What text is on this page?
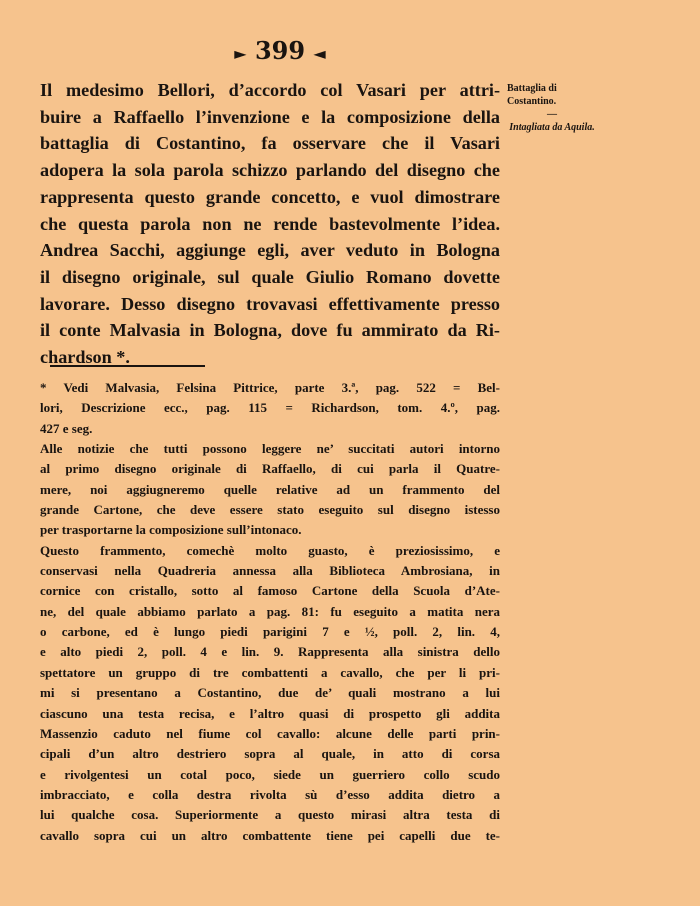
► 399 ◄
Il medesimo Bellori, d’accordo col Vasari per attri-
buire a Raffaello l’invenzione e la composizione della
battaglia di Costantino, fa osservare che il Vasari
adopera la sola parola schizzo parlando del disegno che
rappresenta questo grande concetto, e vuol dimostrare
che questa parola non ne rende bastevolmente l’idea.
Andrea Sacchi, aggiunge egli, aver veduto in Bologna
il disegno originale, sul quale Giulio Romano dovette
lavorare. Desso disegno trovavasi effettivamente presso
il conte Malvasia in Bologna, dove fu ammirato da Ri-
chardson *.
Battaglia di Costantino.
—
Intagliata da Aquila.
* Vedi Malvasia, Felsina Pittrice, parte 3.ª, pag. 522 = Bel-
lori, Descrizione ecc., pag. 115 = Richardson, tom. 4.º, pag.
427 e seg.
Alle notizie che tutti possono leggere ne’ succitati autori intorno
al primo disegno originale di Raffaello, di cui parla il Quatre-
mere, noi aggiugneremo quelle relative ad un frammento del
grande Cartone, che deve essere stato eseguito sul disegno istesso
per trasportarne la composizione sull’intonaco.
Questo frammento, comechè molto guasto, è preziosissimo, e
conservasi nella Quadreria annessa alla Biblioteca Ambrosiana, in
cornice con cristallo, sotto al famoso Cartone della Scuola d’Ate-
ne, del quale abbiamo parlato a pag. 81: fu eseguito a matita nera
o carbone, ed è lungo piedi parigini 7 e ½, poll. 2, lin. 4,
e alto piedi 2, poll. 4 e lin. 9. Rappresenta alla sinistra dello
spettatore un gruppo di tre combattenti a cavallo, che per li pri-
mi si presentano a Costantino, due de’ quali mostrano a lui
ciascuno una testa recisa, e l’altro quasi di prospetto gli addita
Massenzio caduto nel fiume col cavallo: alcune delle parti prin-
cipali d’un altro destriero sopra al quale, in atto di corsa
e rivolgentesi un cotal poco, siede un guerriero collo scudo
imbracciato, e colla destra rivolta sù d’esso addita dietro a
lui qualche cosa. Superiormente a questo mirasi altra testa di
cavallo sopra cui un altro combattente tiene pei capelli due te-
